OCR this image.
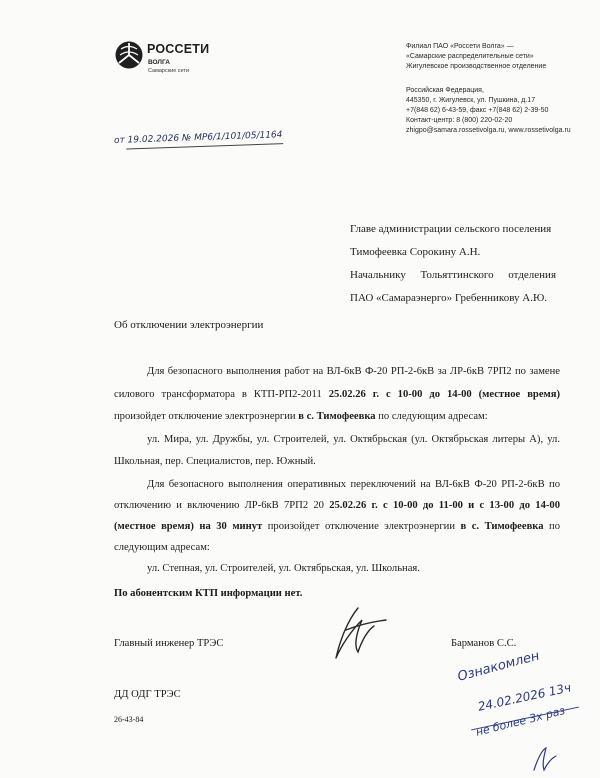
РОССЕТИ
ВОЛГА
Самарские сети
Филиал ПАО «Россети Волга» —
«Самарские распределительные сети»
Жигулевское производственное отделение
Российская Федерация,
445350, г. Жигулевск, ул. Пушкина, д.17
+7(848 62) 6-43-59, факс +7(848 62) 2-39-50
Контакт-центр: 8 (800) 220-02-20
zhigpo@samara.rossetivolga.ru, www.rossetivolga.ru
от 19.02.2026 № МР6/1/101/05/1164
Главе администрации сельского поселения
Тимофеевка Сорокину А.Н.
Начальнику Тольяттинского отделения
ПАО «Самараэнерго» Гребенникову А.Ю.
Об отключении электроэнергии

Для безопасного выполнения работ на ВЛ-6кВ Ф-20 РП-2-6кВ за ЛР-6кВ 7РП2 по замене силового трансформатора в КТП-РП2-2011 25.02.26 г. с 10-00 до 14-00 (местное время) произойдет отключение электроэнергии в с. Тимофеевка по следующим адресам:

ул. Мира, ул. Дружбы, ул. Строителей, ул. Октябрьская (ул. Октябрьская литеры А), ул. Школьная, пер. Специалистов, пер. Южный.

Для безопасного выполнения оперативных переключений на ВЛ-6кВ Ф-20 РП-2-6кВ по отключению и включению ЛР-6кВ 7РП2 20 25.02.26 г. с 10-00 до 11-00 и с 13-00 до 14-00 (местное время) на 30 минут произойдет отключение электроэнергии в с. Тимофеевка по следующим адресам:

ул. Степная, ул. Строителей, ул. Октябрьская, ул. Школьная.

По абонентским КТП информации нет.
Главный инженер ТРЭС	Барманов С.С.
ДД ОДГ ТРЭС
26-43-84
Ознакомлен
24.02.2026 13ч
не более 3х раз
